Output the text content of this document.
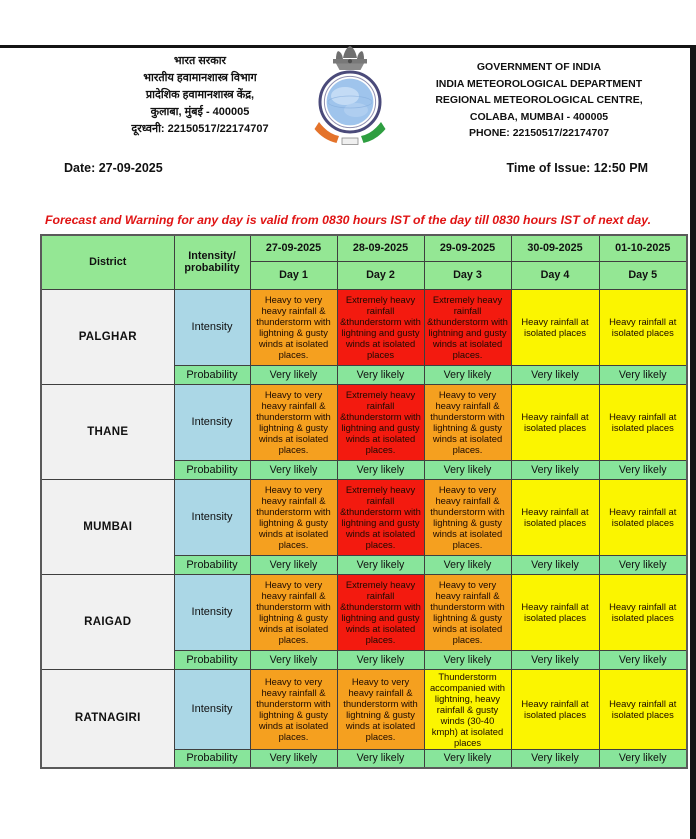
भारत सरकार
भारतीय हवामानशास्त्र विभाग
प्रादेशिक हवामानशास्त्र केंद्र,
कुलाबा, मुंबई - 400005
दूरध्वनी: 22150517/22174707
GOVERNMENT OF INDIA
INDIA METEOROLOGICAL DEPARTMENT
REGIONAL METEOROLOGICAL CENTRE,
COLABA, MUMBAI - 400005
PHONE: 22150517/22174707
Date: 27-09-2025	Time of Issue: 12:50 PM
Forecast and Warning for any day is valid from 0830 hours IST of the day till 0830 hours IST of next day.
District	Intensity/ probability	27-09-2025	28-09-2025	29-09-2025	30-09-2025	01-10-2025
		Day 1	Day 2	Day 3	Day 4	Day 5
PALGHAR	Intensity	Heavy to very heavy rainfall & thunderstorm with lightning & gusty winds at isolated places.	Extremely heavy rainfall &thunderstorm with lightning and gusty winds at isolated places	Extremely heavy rainfall &thunderstorm with lightning and gusty winds at isolated places.	Heavy rainfall at isolated places	Heavy rainfall at isolated places
	Probability	Very likely	Very likely	Very likely	Very likely	Very likely
THANE	Intensity	Heavy to very heavy rainfall & thunderstorm with lightning & gusty winds at isolated places.	Extremely heavy rainfall &thunderstorm with lightning and gusty winds at isolated places.	Heavy to very heavy rainfall & thunderstorm with lightning & gusty winds at isolated places.	Heavy rainfall at isolated places	Heavy rainfall at isolated places
	Probability	Very likely	Very likely	Very likely	Very likely	Very likely
MUMBAI	Intensity	Heavy to very heavy rainfall & thunderstorm with lightning & gusty winds at isolated places.	Extremely heavy rainfall &thunderstorm with lightning and gusty winds at isolated places.	Heavy to very heavy rainfall & thunderstorm with lightning & gusty winds at isolated places.	Heavy rainfall at isolated places	Heavy rainfall at isolated places
	Probability	Very likely	Very likely	Very likely	Very likely	Very likely
RAIGAD	Intensity	Heavy to very heavy rainfall & thunderstorm with lightning & gusty winds at isolated places.	Extremely heavy rainfall &thunderstorm with lightning and gusty winds at isolated places.	Heavy to very heavy rainfall & thunderstorm with lightning & gusty winds at isolated places.	Heavy rainfall at isolated places	Heavy rainfall at isolated places
	Probability	Very likely	Very likely	Very likely	Very likely	Very likely
RATNAGIRI	Intensity	Heavy to very heavy rainfall & thunderstorm with lightning & gusty winds at isolated places.	Heavy to very heavy rainfall & thunderstorm with lightning & gusty winds at isolated places.	Thunderstorm accompanied with lightning, heavy rainfall & gusty winds (30-40 kmph) at isolated places	Heavy rainfall at isolated places	Heavy rainfall at isolated places
	Probability	Very likely	Very likely	Very likely	Very likely	Very likely
